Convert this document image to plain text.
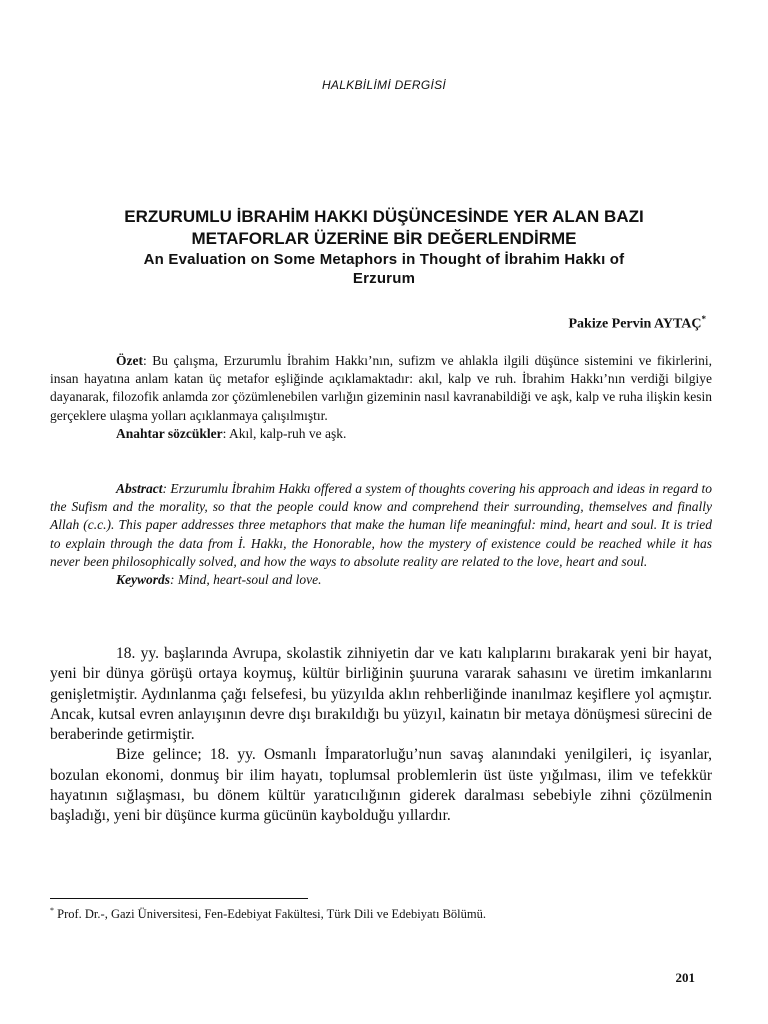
HALKBİLİMİ DERGİSİ

ERZURUMLU İBRAHİM HAKKI DÜŞÜNCESİNDE YER ALAN BAZI

METAFORLAR ÜZERİNE BİR DEĞERLENDİRME

An Evaluation on Some Metaphors in Thought of İbrahim Hakkı of

Erzurum

Pakize Pervin AYTAÇ*
Özet: Bu çalışma, Erzurumlu İbrahim Hakkı’nın, sufizm ve ahlakla ilgili düşünce sistemini ve fikirlerini, insan hayatına anlam katan üç metafor eşliğinde açıklamaktadır: akıl, kalp ve ruh. İbrahim Hakkı’nın verdiği bilgiye dayanarak, filozofik anlamda zor çözümlenebilen varlığın gizeminin nasıl kavranabildiği ve aşk, kalp ve ruha ilişkin kesin gerçeklere ulaşma yolları açıklanmaya çalışılmıştır.
Anahtar sözcükler: Akıl, kalp-ruh ve aşk.
Abstract: Erzurumlu İbrahim Hakkı offered a system of thoughts covering his approach and ideas in regard to the Sufism and the morality, so that the people could know and comprehend their surrounding, themselves and finally Allah (c.c.). This paper addresses three metaphors that make the human life meaningful: mind, heart and soul. It is tried to explain through the data from İ. Hakkı, the Honorable, how the mystery of existence could be reached while it has never been philosophically solved, and how the ways to absolute reality are related to the love, heart and soul.
Keywords: Mind, heart-soul and love.

18. yy. başlarında Avrupa, skolastik zihniyetin dar ve katı kalıplarını bırakarak yeni bir hayat, yeni bir dünya görüşü ortaya koymuş, kültür birliğinin şuuruna vararak sahasını ve üretim imkanlarını genişletmiştir. Aydınlanma çağı felsefesi, bu yüzyılda aklın rehberliğinde inanılmaz keşiflere yol açmıştır. Ancak, kutsal evren anlayışının devre dışı bırakıldığı bu yüzyıl, kainatın bir metaya dönüşmesi sürecini de beraberinde getirmiştir.

Bize gelince; 18. yy. Osmanlı İmparatorluğu’nun savaş alanındaki yenilgileri, iç isyanlar, bozulan ekonomi, donmuş bir ilim hayatı, toplumsal problemlerin üst üste yığılması, ilim ve tefekkür hayatının sığlaşması, bu dönem kültür yaratıcılığının giderek daralması sebebiyle zihni çözülmenin başladığı, yeni bir düşünce kurma gücünün kaybolduğu yıllardır.

* Prof. Dr.-, Gazi Üniversitesi, Fen-Edebiyat Fakültesi, Türk Dili ve Edebiyatı Bölümü.
201
